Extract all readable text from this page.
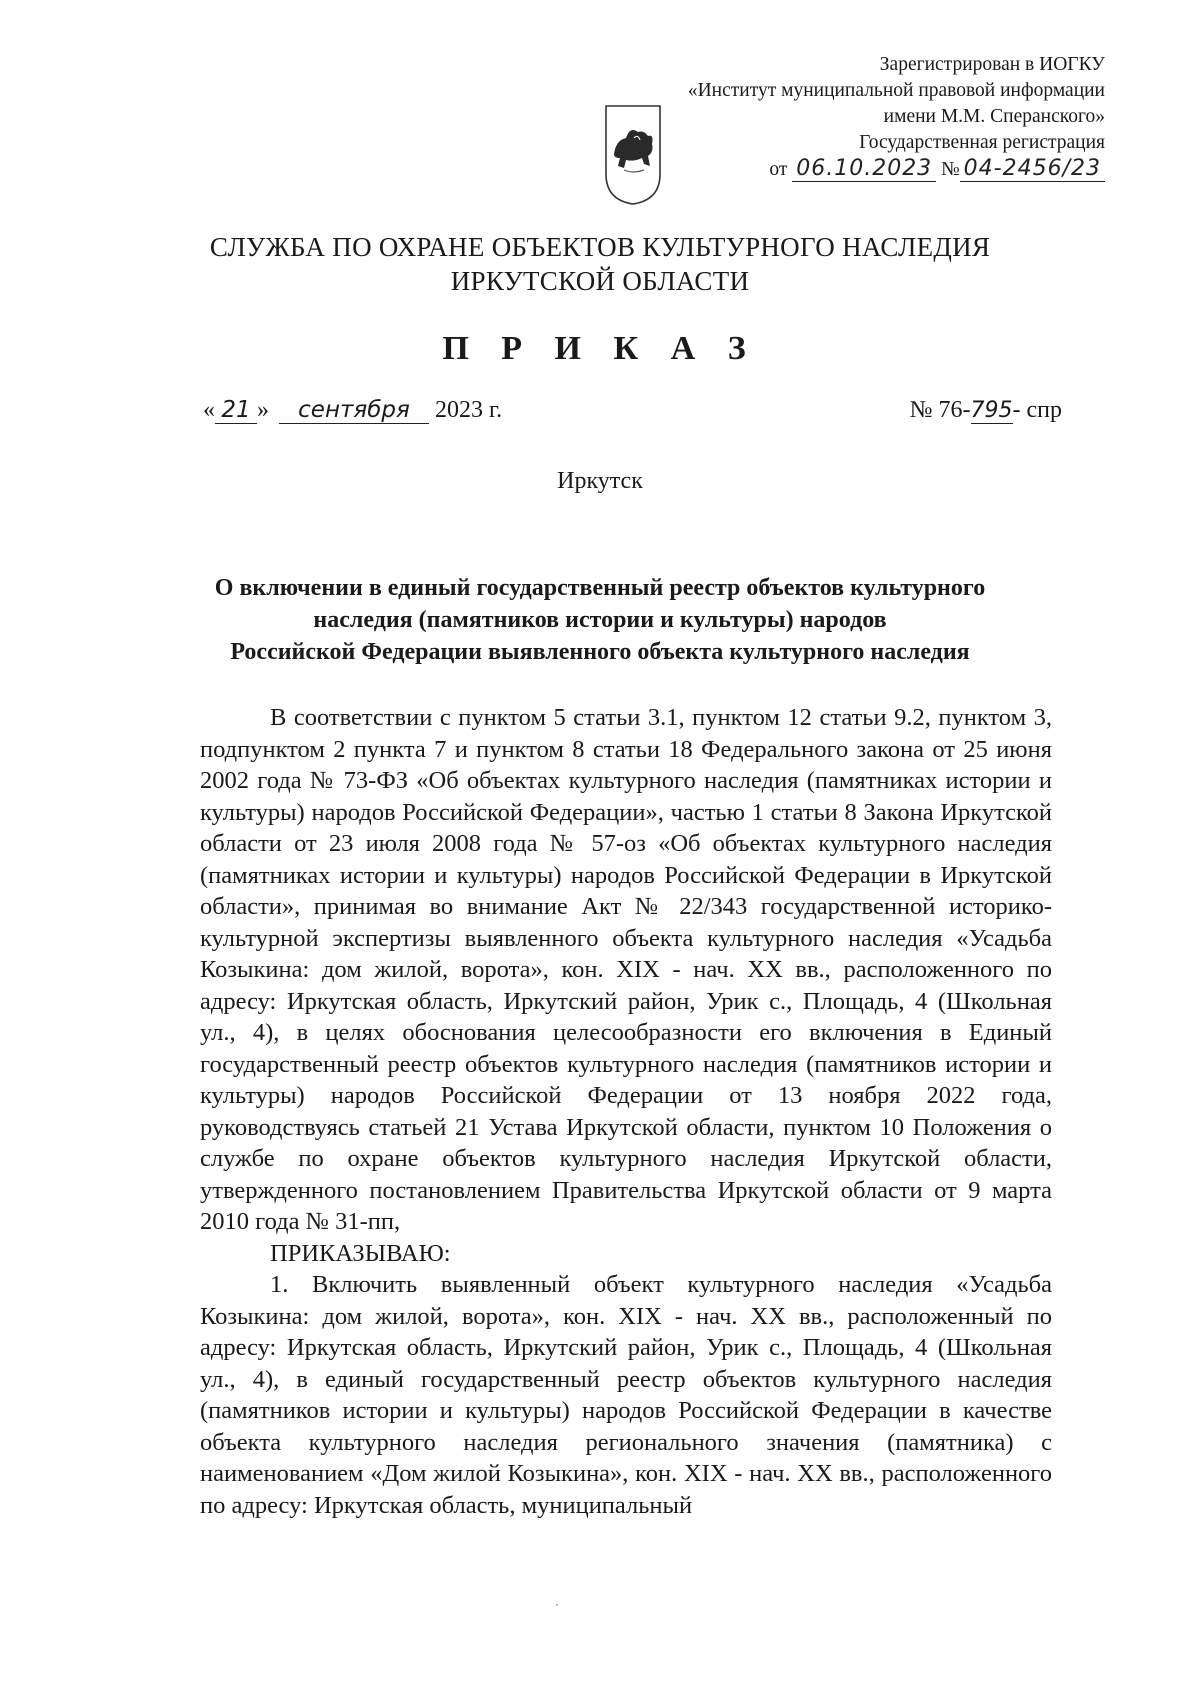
Зарегистрирован в ИОГКУ
«Институт муниципальной правовой информации
имени М.М. Сперанского»
Государственная регистрация
от 06.10.2023 № 04-2456/23
СЛУЖБА ПО ОХРАНЕ ОБЪЕКТОВ КУЛЬТУРНОГО НАСЛЕДИЯ
ИРКУТСКОЙ ОБЛАСТИ
П Р И К А З
« 21 » сентября 2023 г.	№ 76-795- спр
Иркутск
О включении в единый государственный реестр объектов культурного
наследия (памятников истории и культуры) народов
Российской Федерации выявленного объекта культурного наследия

В соответствии с пунктом 5 статьи 3.1, пунктом 12 статьи 9.2, пунктом 3, подпунктом 2 пункта 7 и пунктом 8 статьи 18 Федерального закона от 25 июня 2002 года № 73-ФЗ «Об объектах культурного наследия (памятниках истории и культуры) народов Российской Федерации», частью 1 статьи 8 Закона Иркутской области от 23 июля 2008 года № 57-оз «Об объектах культурного наследия (памятниках истории и культуры) народов Российской Федерации в Иркутской области», принимая во внимание Акт № 22/343 государственной историко-культурной экспертизы выявленного объекта культурного наследия «Усадьба Козыкина: дом жилой, ворота», кон. XIX - нач. XX вв., расположенного по адресу: Иркутская область, Иркутский район, Урик с., Площадь, 4 (Школьная ул., 4), в целях обоснования целесообразности его включения в Единый государственный реестр объектов культурного наследия (памятников истории и культуры) народов Российской Федерации от 13 ноября 2022 года, руководствуясь статьей 21 Устава Иркутской области, пунктом 10 Положения о службе по охране объектов культурного наследия Иркутской области, утвержденного постановлением Правительства Иркутской области от 9 марта 2010 года № 31-пп,

ПРИКАЗЫВАЮ:

1. Включить выявленный объект культурного наследия «Усадьба Козыкина: дом жилой, ворота», кон. XIX - нач. XX вв., расположенный по адресу: Иркутская область, Иркутский район, Урик с., Площадь, 4 (Школьная ул., 4), в единый государственный реестр объектов культурного наследия (памятников истории и культуры) народов Российской Федерации в качестве объекта культурного наследия регионального значения (памятника) с наименованием «Дом жилой Козыкина», кон. XIX - нач. XX вв., расположенного по адресу: Иркутская область, муниципальный
